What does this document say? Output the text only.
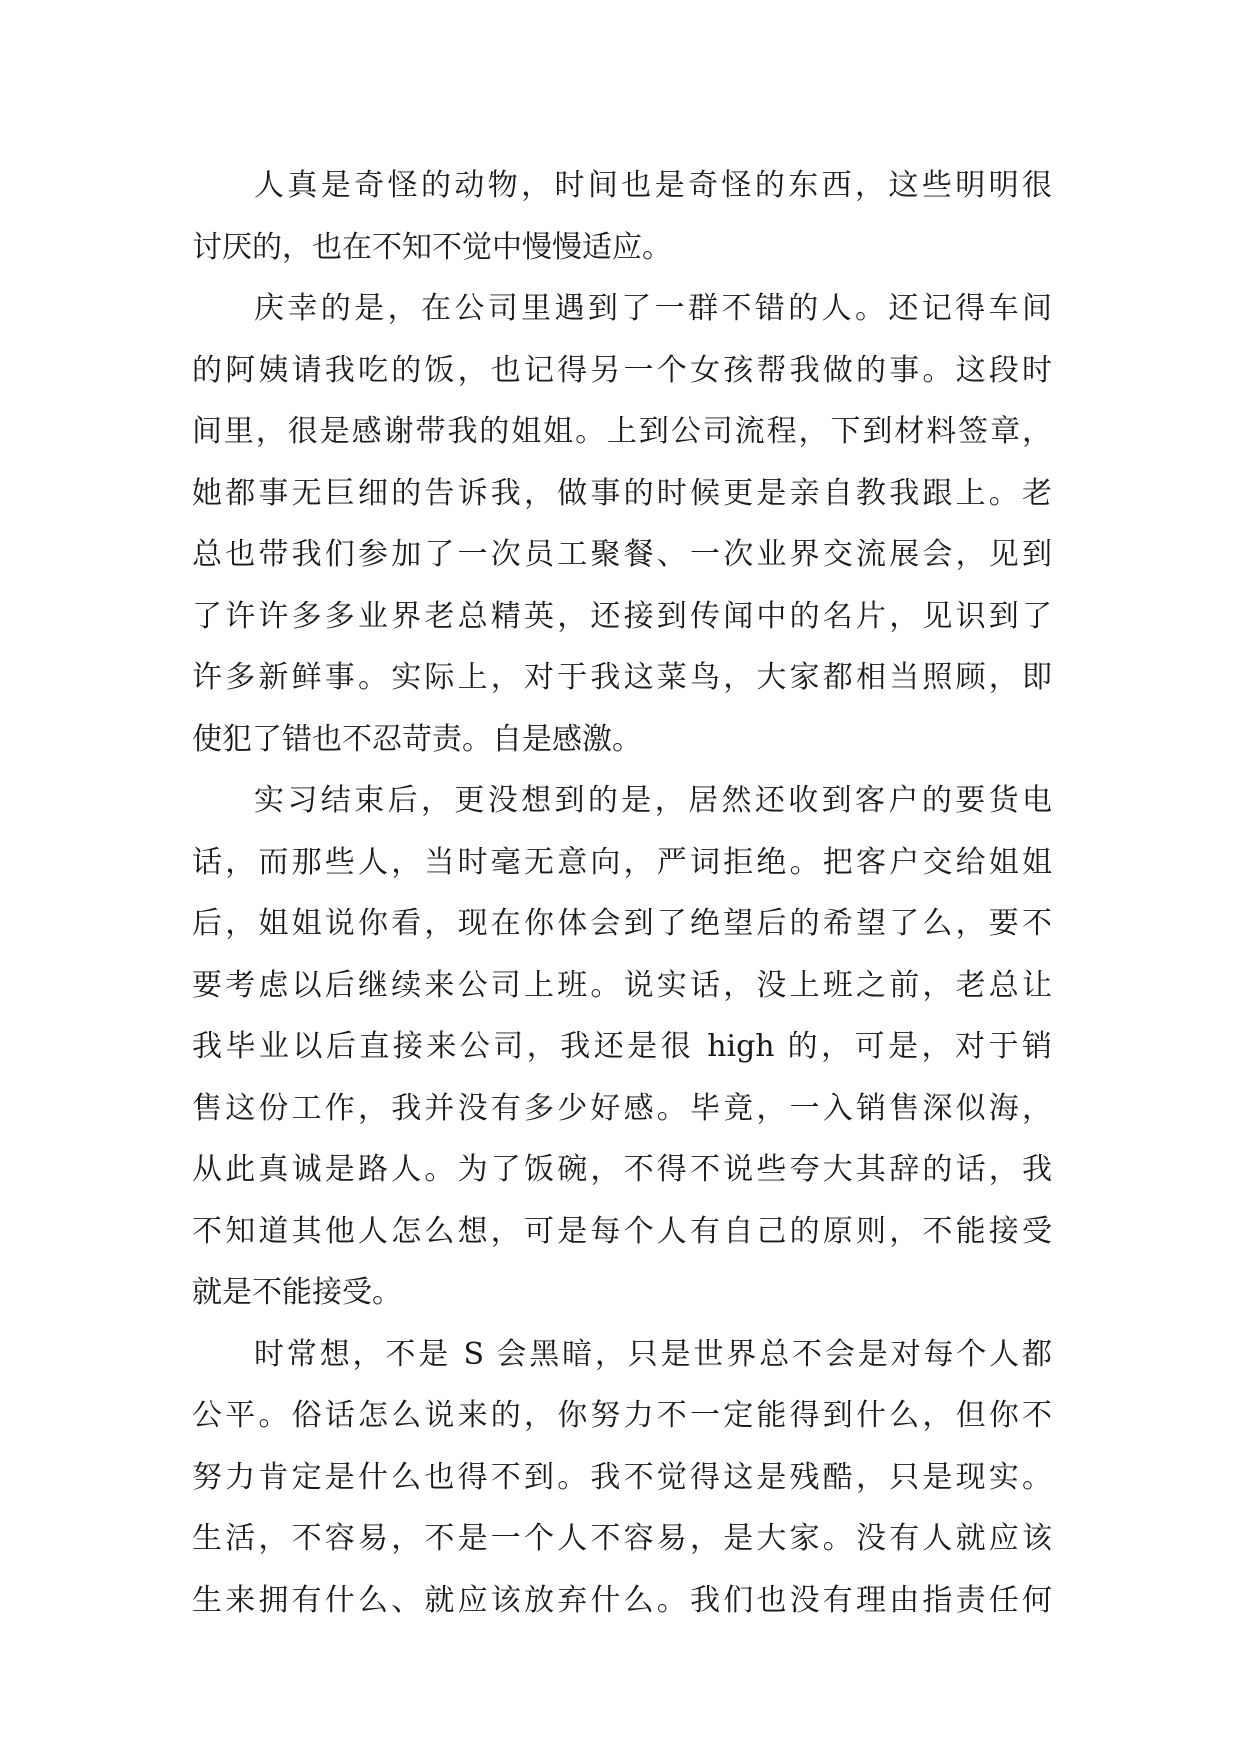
人真是奇怪的动物，时间也是奇怪的东西，这些明明很
讨厌的，也在不知不觉中慢慢适应。
庆幸的是，在公司里遇到了一群不错的人。还记得车间
的阿姨请我吃的饭，也记得另一个女孩帮我做的事。这段时
间里，很是感谢带我的姐姐。上到公司流程，下到材料签章，
她都事无巨细的告诉我，做事的时候更是亲自教我跟上。老
总也带我们参加了一次员工聚餐、一次业界交流展会，见到
了许许多多业界老总精英，还接到传闻中的名片，见识到了
许多新鲜事。实际上，对于我这菜鸟，大家都相当照顾，即
使犯了错也不忍苛责。自是感激。
实习结束后，更没想到的是，居然还收到客户的要货电
话，而那些人，当时毫无意向，严词拒绝。把客户交给姐姐
后，姐姐说你看，现在你体会到了绝望后的希望了么，要不
要考虑以后继续来公司上班。说实话，没上班之前，老总让
我毕业以后直接来公司，我还是很 high 的，可是，对于销
售这份工作，我并没有多少好感。毕竟，一入销售深似海，
从此真诚是路人。为了饭碗，不得不说些夸大其辞的话，我
不知道其他人怎么想，可是每个人有自己的原则，不能接受
就是不能接受。
时常想，不是 S 会黑暗，只是世界总不会是对每个人都
公平。俗话怎么说来的，你努力不一定能得到什么，但你不
努力肯定是什么也得不到。我不觉得这是残酷，只是现实。
生活，不容易，不是一个人不容易，是大家。没有人就应该
生来拥有什么、就应该放弃什么。我们也没有理由指责任何
